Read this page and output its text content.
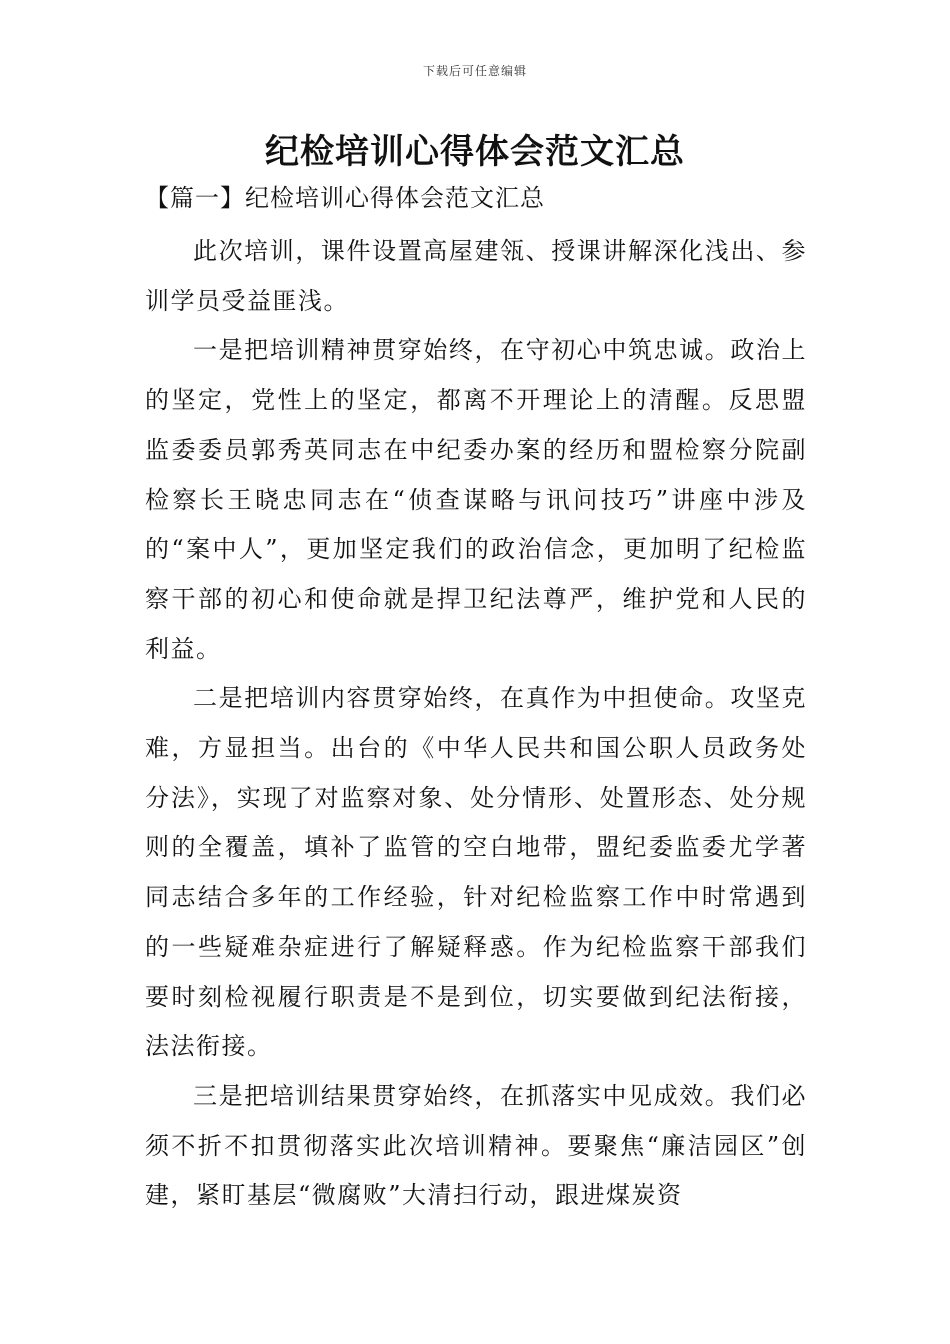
下载后可任意编辑
纪检培训心得体会范文汇总
【篇一】纪检培训心得体会范文汇总

此次培训，课件设置高屋建瓴、授课讲解深化浅出、参训学员受益匪浅。

一是把培训精神贯穿始终，在守初心中筑忠诚。政治上的坚定，党性上的坚定，都离不开理论上的清醒。反思盟监委委员郭秀英同志在中纪委办案的经历和盟检察分院副检察长王晓忠同志在“侦查谋略与讯问技巧”讲座中涉及的“案中人”，更加坚定我们的政治信念，更加明了纪检监察干部的初心和使命就是捍卫纪法尊严，维护党和人民的利益。

二是把培训内容贯穿始终，在真作为中担使命。攻坚克难，方显担当。出台的《中华人民共和国公职人员政务处分法》，实现了对监察对象、处分情形、处置形态、处分规则的全覆盖，填补了监管的空白地带，盟纪委监委尤学著同志结合多年的工作经验，针对纪检监察工作中时常遇到的一些疑难杂症进行了解疑释惑。作为纪检监察干部我们要时刻检视履行职责是不是到位，切实要做到纪法衔接，法法衔接。

三是把培训结果贯穿始终，在抓落实中见成效。我们必须不折不扣贯彻落实此次培训精神。要聚焦“廉洁园区”创建，紧盯基层“微腐败”大清扫行动，跟进煤炭资
